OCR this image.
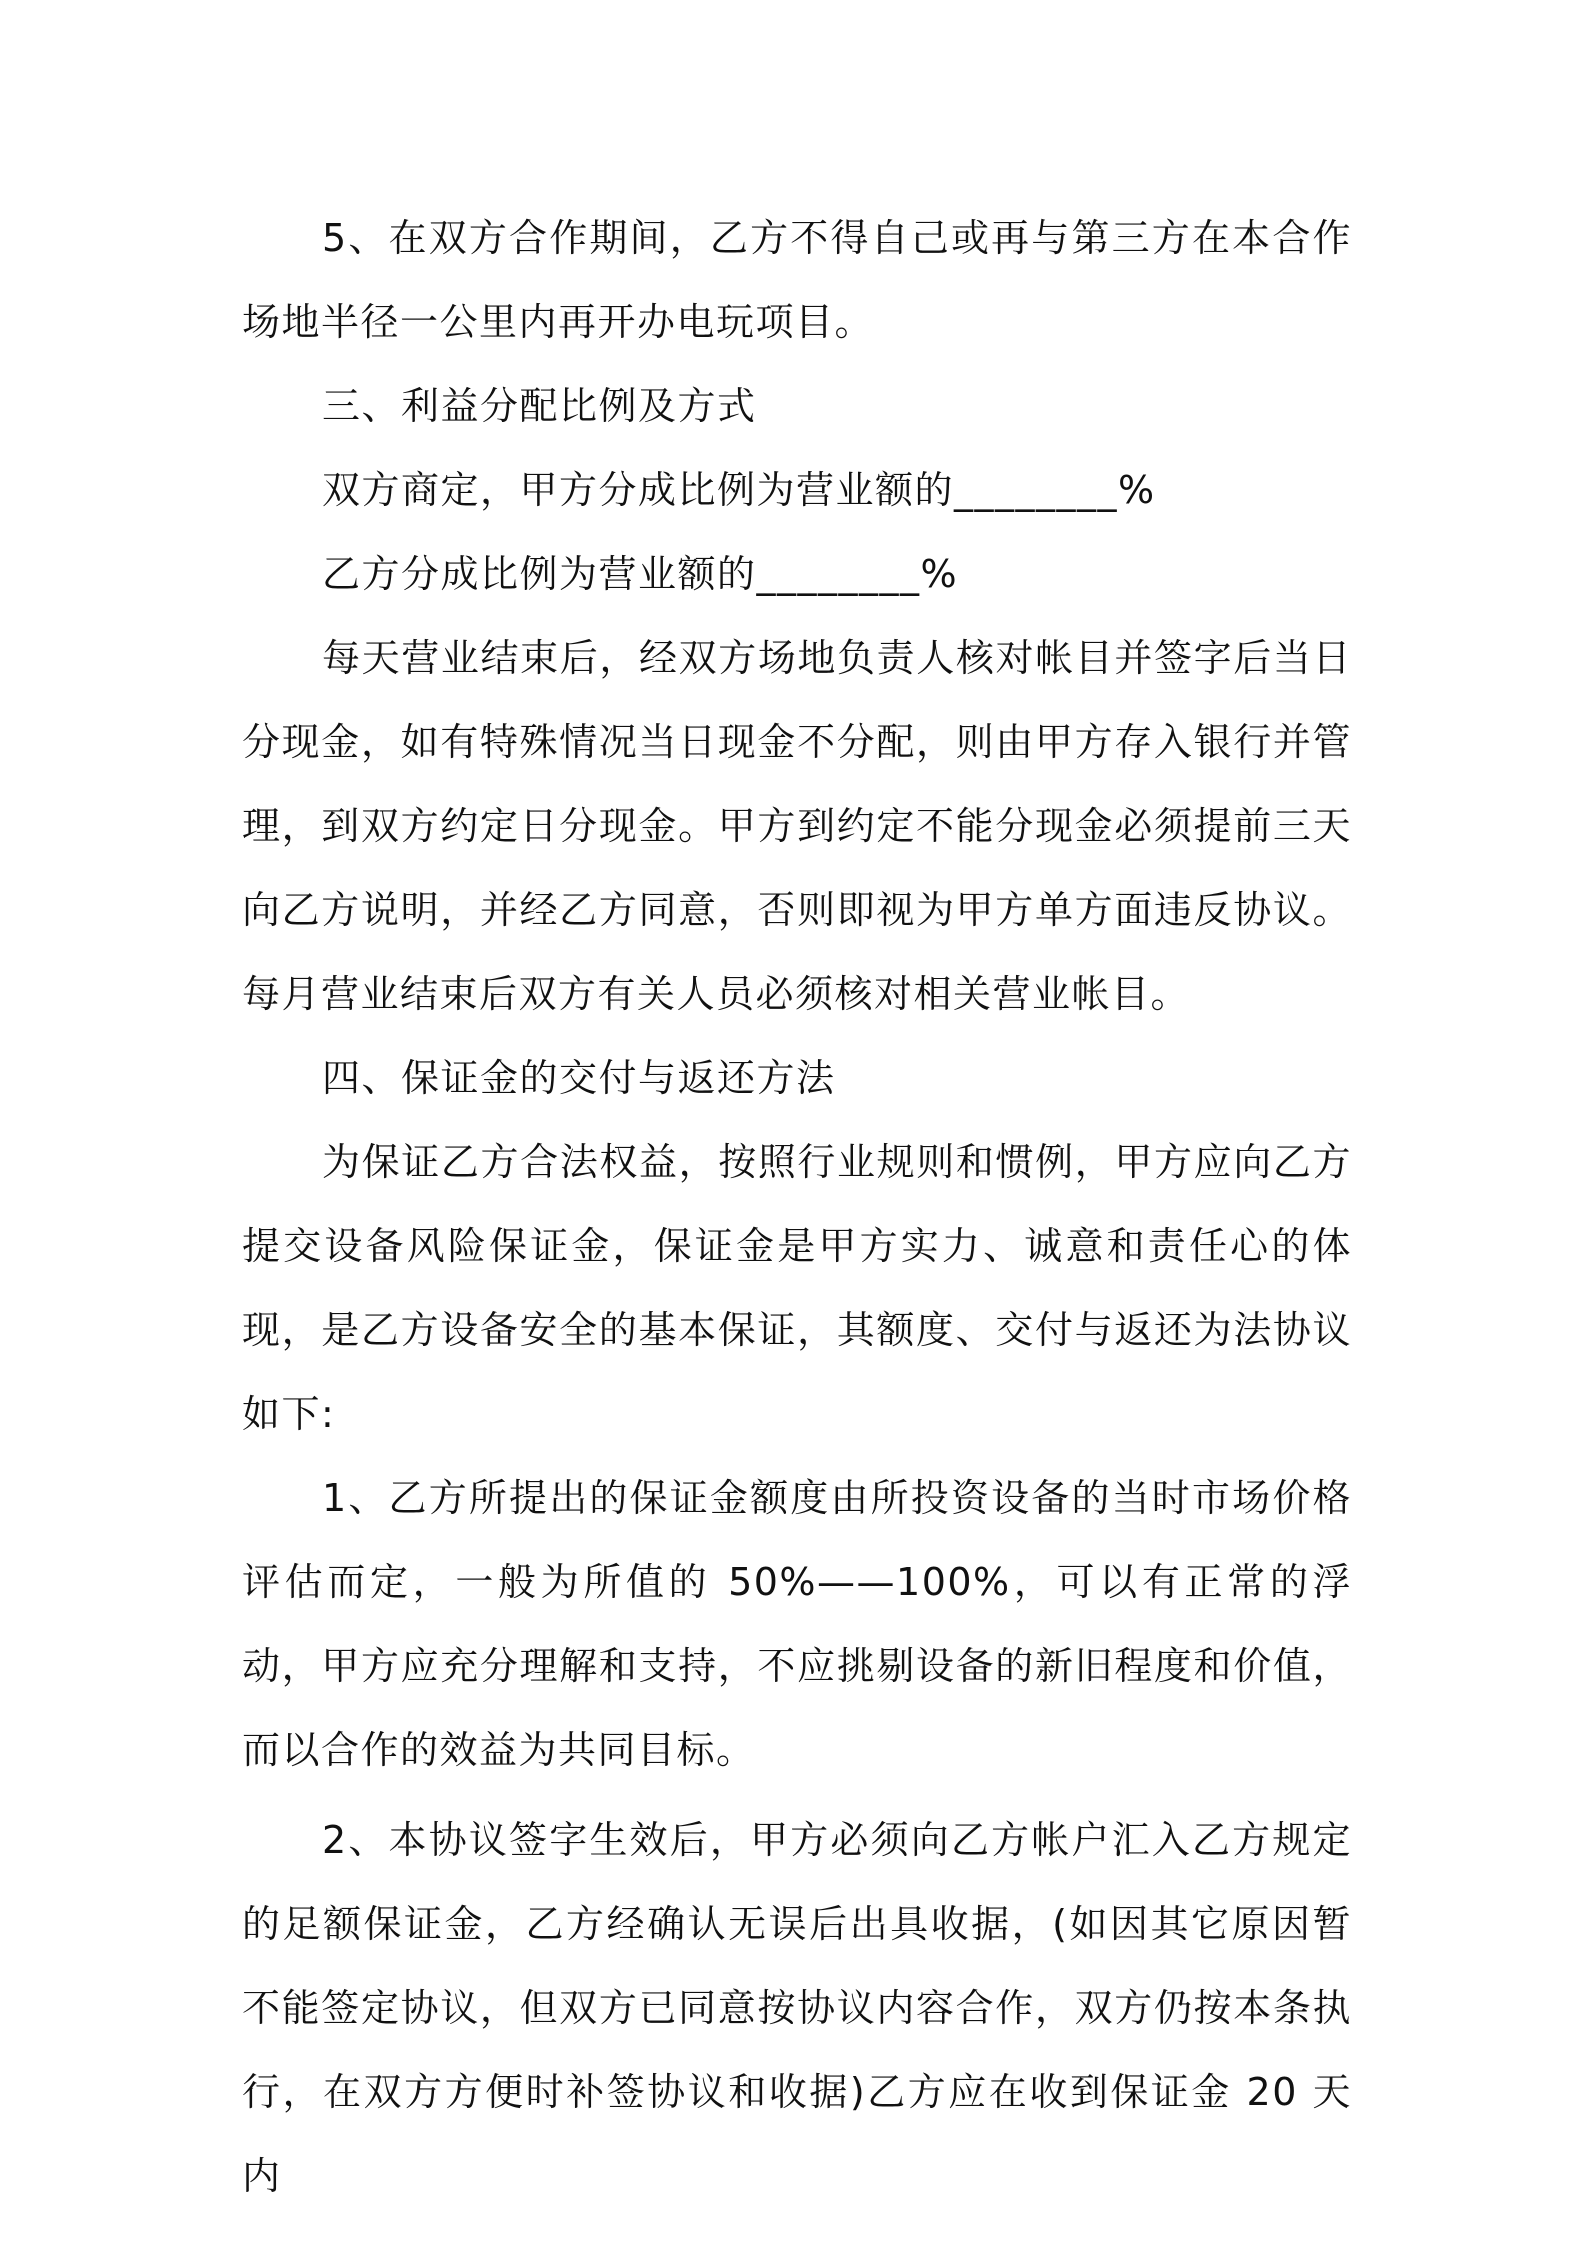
5、在双方合作期间，乙方不得自己或再与第三方在本合作场地半径一公里内再开办电玩项目。

三、利益分配比例及方式

双方商定，甲方分成比例为营业额的________%

乙方分成比例为营业额的________%

每天营业结束后，经双方场地负责人核对帐目并签字后当日分现金，如有特殊情况当日现金不分配，则由甲方存入银行并管理，到双方约定日分现金。甲方到约定不能分现金必须提前三天向乙方说明，并经乙方同意，否则即视为甲方单方面违反协议。每月营业结束后双方有关人员必须核对相关营业帐目。

四、保证金的交付与返还方法

为保证乙方合法权益，按照行业规则和惯例，甲方应向乙方提交设备风险保证金，保证金是甲方实力、诚意和责任心的体现，是乙方设备安全的基本保证，其额度、交付与返还为法协议如下:

1、乙方所提出的保证金额度由所投资设备的当时市场价格评估而定，一般为所值的 50%——100%，可以有正常的浮动，甲方应充分理解和支持，不应挑剔设备的新旧程度和价值，而以合作的效益为共同目标。

2、本协议签字生效后，甲方必须向乙方帐户汇入乙方规定的足额保证金，乙方经确认无误后出具收据，(如因其它原因暂不能签定协议，但双方已同意按协议内容合作，双方仍按本条执行，在双方方便时补签协议和收据)乙方应在收到保证金 20 天内
